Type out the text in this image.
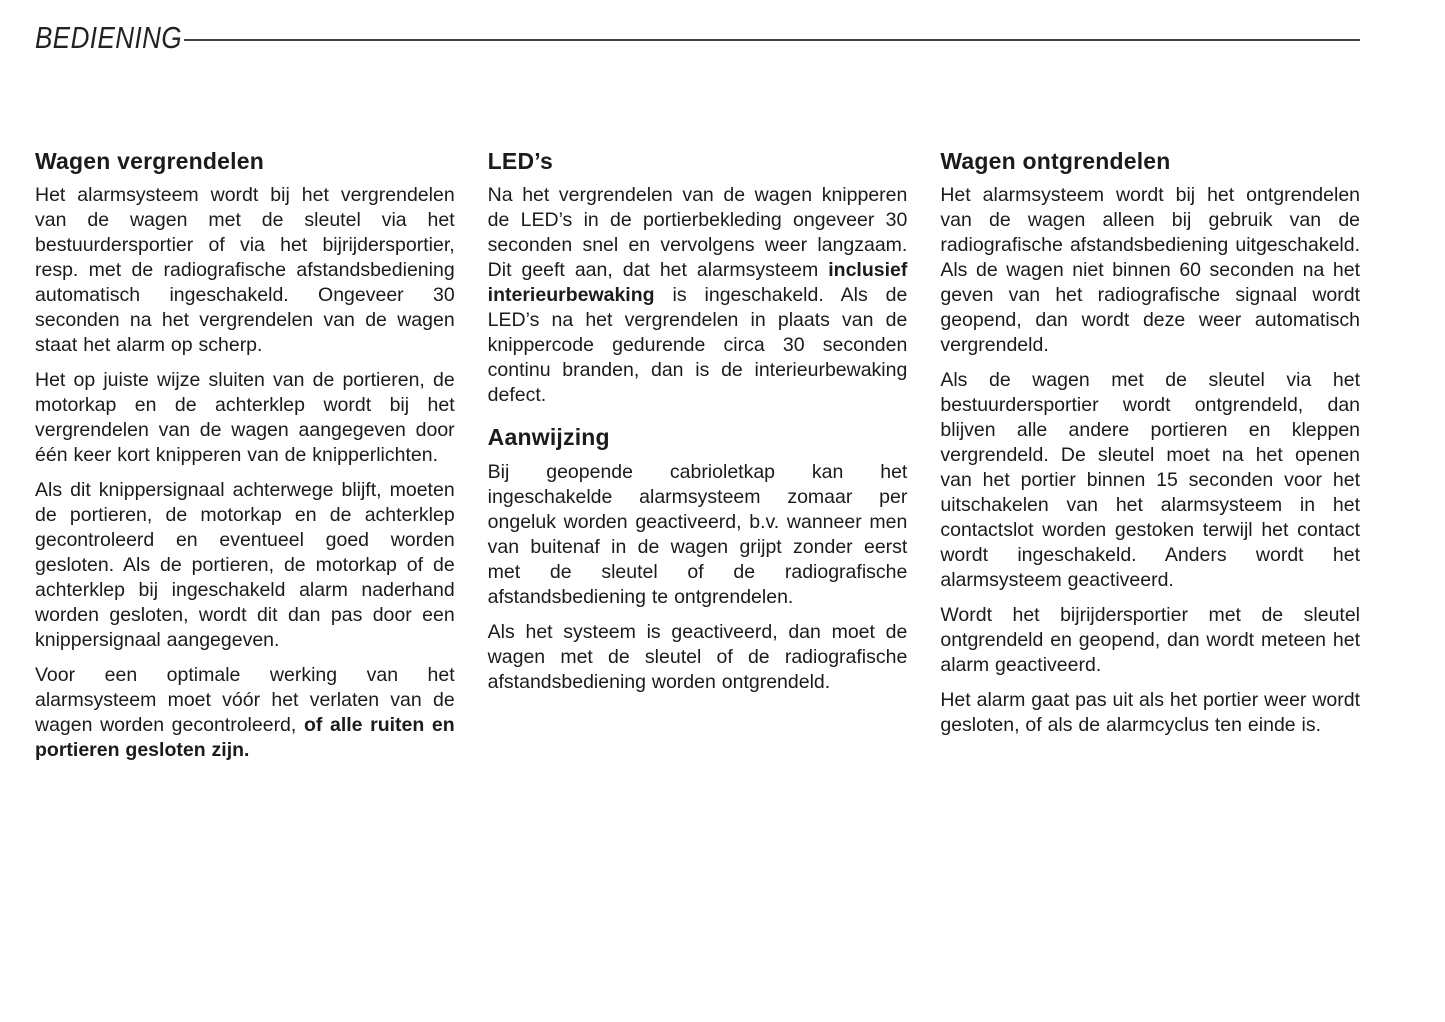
BEDIENING
Wagen vergrendelen

Het alarmsysteem wordt bij het vergrendelen van de wagen met de sleutel via het bestuurdersportier of via het bijrijdersportier, resp. met de radiografische afstandsbediening automatisch ingeschakeld. Ongeveer 30 seconden na het vergrendelen van de wagen staat het alarm op scherp.

Het op juiste wijze sluiten van de portieren, de motorkap en de achterklep wordt bij het vergrendelen van de wagen aangegeven door één keer kort knipperen van de knipperlichten.

Als dit knippersignaal achterwege blijft, moeten de portieren, de motorkap en de achterklep gecontroleerd en eventueel goed worden gesloten. Als de portieren, de motorkap of de achterklep bij ingeschakeld alarm naderhand worden gesloten, wordt dit dan pas door een knippersignaal aangegeven.

Voor een optimale werking van het alarmsysteem moet vóór het verlaten van de wagen worden gecontroleerd, of alle ruiten en portieren gesloten zijn.

LED’s

Na het vergrendelen van de wagen knipperen de LED’s in de portierbekleding ongeveer 30 seconden snel en vervolgens weer langzaam. Dit geeft aan, dat het alarmsysteem inclusief interieurbewaking is ingeschakeld. Als de LED’s na het vergrendelen in plaats van de knippercode gedurende circa 30 seconden continu branden, dan is de interieurbewaking defect.

Aanwijzing

Bij geopende cabrioletkap kan het ingeschakelde alarmsysteem zomaar per ongeluk worden geactiveerd, b.v. wanneer men van buitenaf in de wagen grijpt zonder eerst met de sleutel of de radiografische afstandsbediening te ontgrendelen.

Als het systeem is geactiveerd, dan moet de wagen met de sleutel of de radiografische afstandsbediening worden ontgrendeld.

Wagen ontgrendelen

Het alarmsysteem wordt bij het ontgrendelen van de wagen alleen bij gebruik van de radiografische afstandsbediening uitgeschakeld. Als de wagen niet binnen 60 seconden na het geven van het radiografische signaal wordt geopend, dan wordt deze weer automatisch vergrendeld.

Als de wagen met de sleutel via het bestuurdersportier wordt ontgrendeld, dan blijven alle andere portieren en kleppen vergrendeld. De sleutel moet na het openen van het portier binnen 15 seconden voor het uitschakelen van het alarmsysteem in het contactslot worden gestoken terwijl het contact wordt ingeschakeld. Anders wordt het alarmsysteem geactiveerd.

Wordt het bijrijdersportier met de sleutel ontgrendeld en geopend, dan wordt meteen het alarm geactiveerd.

Het alarm gaat pas uit als het portier weer wordt gesloten, of als de alarmcyclus ten einde is.
